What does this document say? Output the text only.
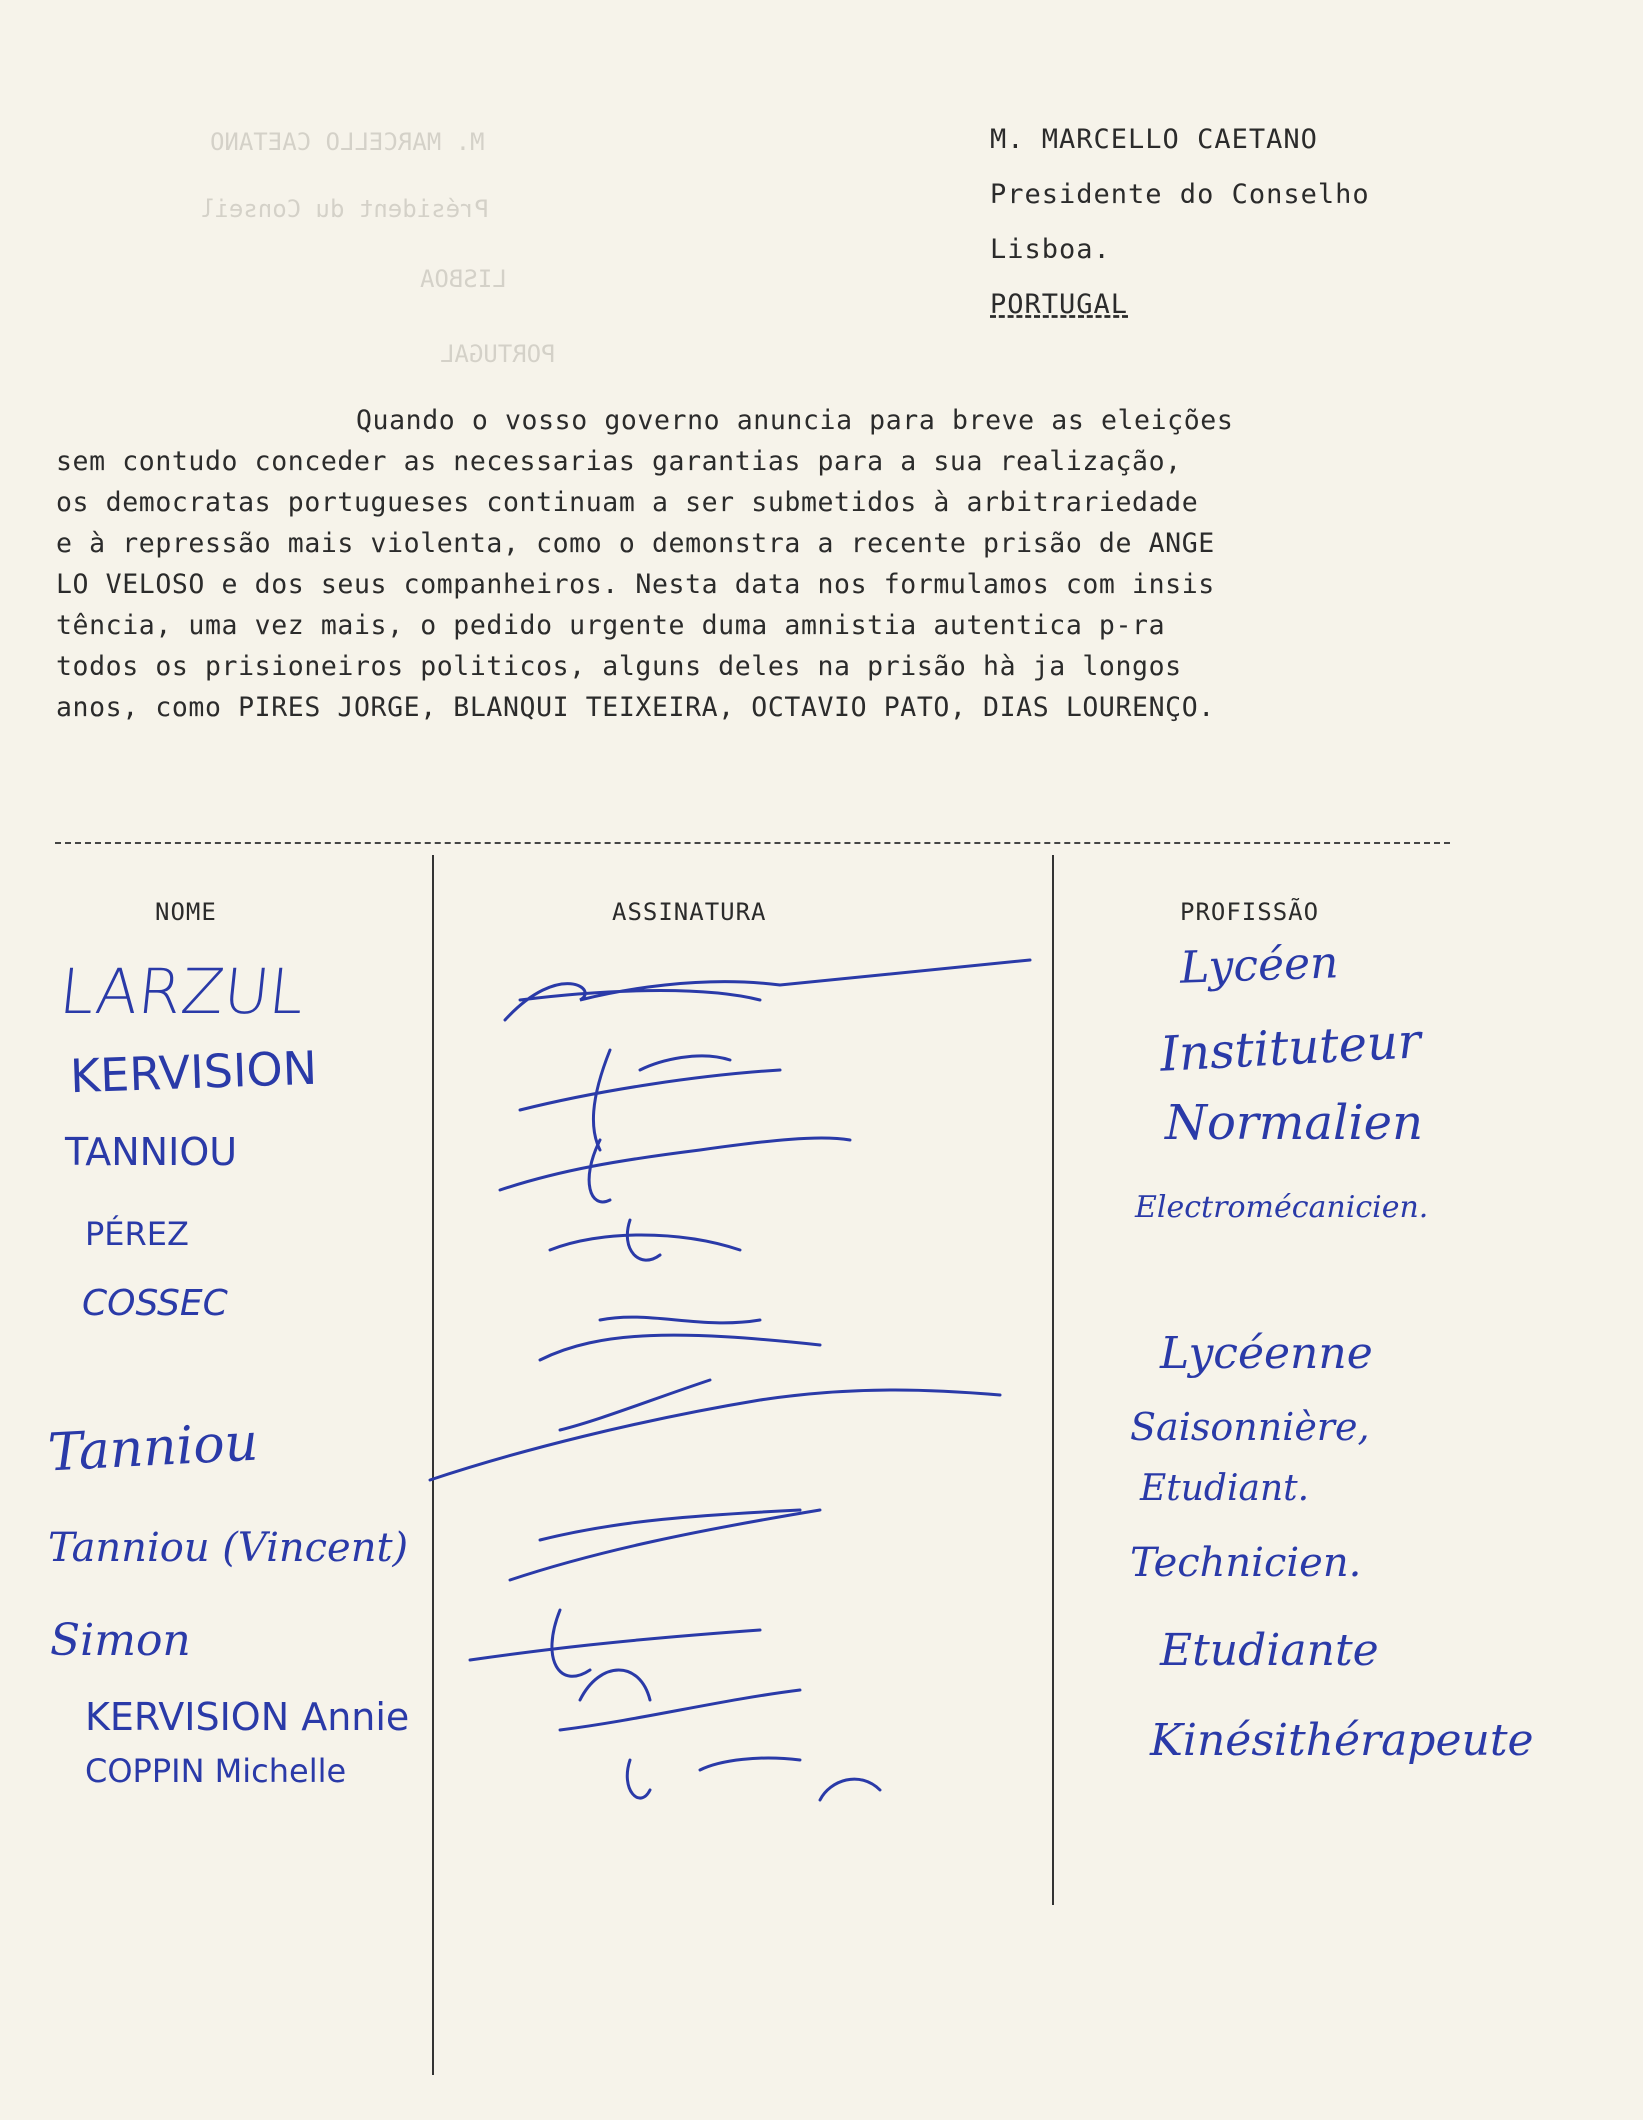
M. MARCELLO CAETANO
Presidente do Conselho
Lisboa.
PORTUGAL
Quando o vosso governo anuncia para breve as eleições
sem contudo conceder as necessarias garantias para a sua realização,
os democratas portugueses continuam a ser submetidos à arbitrariedade
e à repressão mais violenta, como o demonstra a recente prisão de ANGE
LO VELOSO e dos seus companheiros. Nesta data nos formulamos com insis
tência, uma vez mais, o pedido urgente duma amnistia autentica p-ra
todos os prisioneiros politicos, alguns deles na prisão hà ja longos
anos, como PIRES JORGE, BLANQUI TEIXEIRA, OCTAVIO PATO, DIAS LOURENÇO.
NOME	ASSINATURA	PROFISSÃO
LARZUL
KERVISION
TANNIOU
PÉREZ
COSSEC
Tanniou
Tanniou (Vincent)
Simon
KERVISION Annie
COPPIN Michelle
Lycéen
Instituteur
Normalien
Electromécanicien.
Lycéenne
Saisonnière,
Etudiant.
Technicien.
Etudiante
Kinésithérapeute
M. MARCELLO CAETANO
Président du Conseil
LISBOA
PORTUGAL
